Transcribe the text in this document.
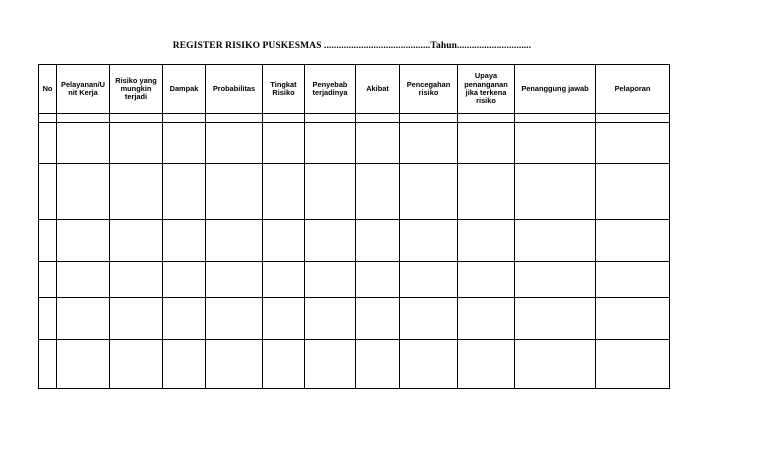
REGISTER RISIKO PUSKESMAS ...........................................Tahun..............................
No	Pelayanan/U nit Kerja	Risiko yang mungkin terjadi	Dampak	Probabilitas	Tingkat Risiko	Penyebab terjadinya	Akibat	Pencegahan risiko	Upaya penanganan jika terkena risiko	Penanggung jawab	Pelaporan
